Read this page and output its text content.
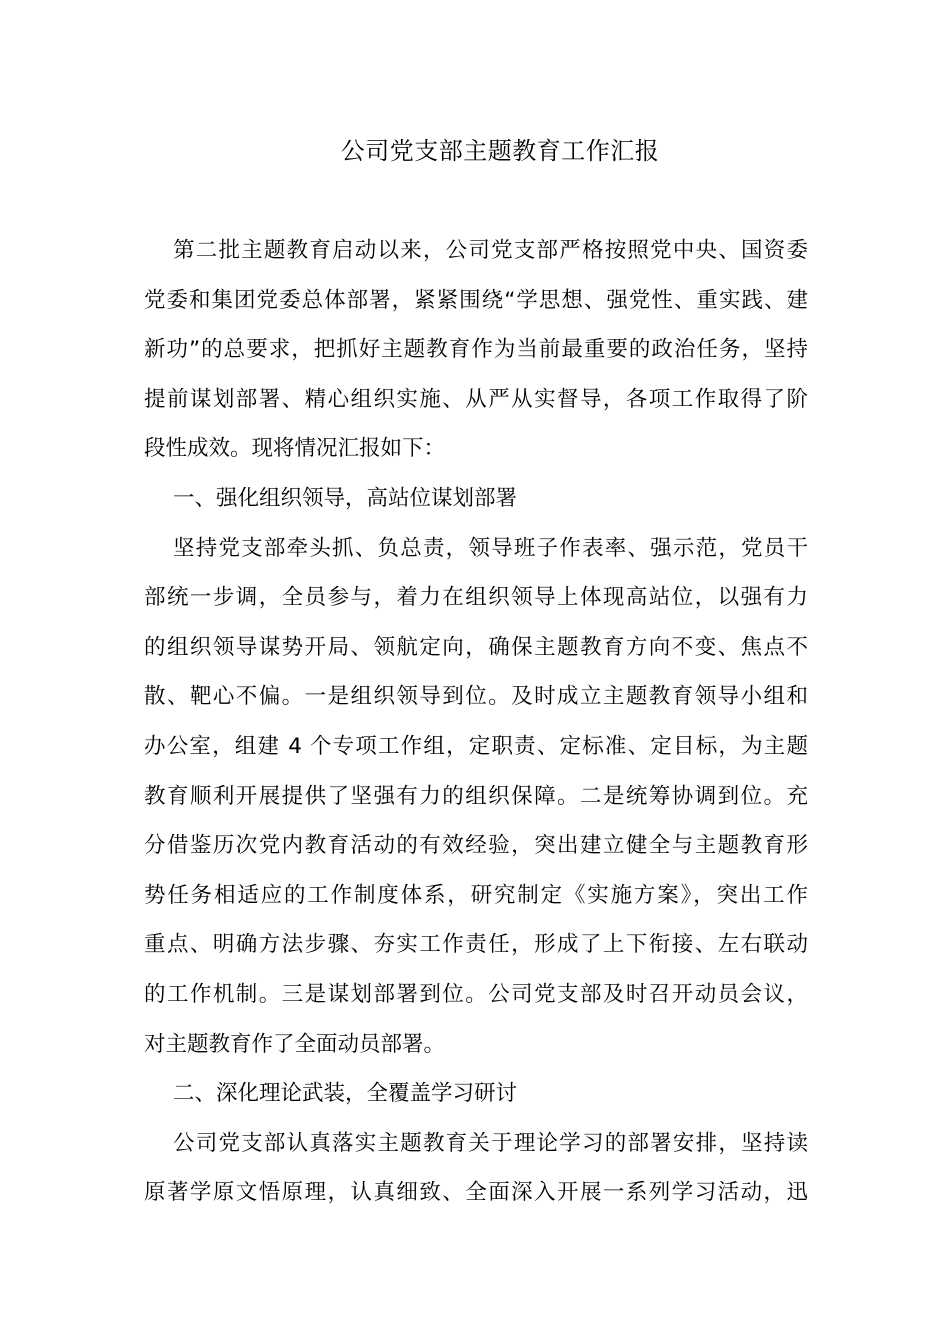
公司党支部主题教育工作汇报
第二批主题教育启动以来，公司党支部严格按照党中央、国资委
党委和集团党委总体部署，紧紧围绕“学思想、强党性、重实践、建
新功”的总要求，把抓好主题教育作为当前最重要的政治任务，坚持
提前谋划部署、精心组织实施、从严从实督导，各项工作取得了阶
段性成效。现将情况汇报如下：
一、强化组织领导，高站位谋划部署
坚持党支部牵头抓、负总责，领导班子作表率、强示范，党员干
部统一步调，全员参与，着力在组织领导上体现高站位，以强有力
的组织领导谋势开局、领航定向，确保主题教育方向不变、焦点不
散、靶心不偏。一是组织领导到位。及时成立主题教育领导小组和
办公室，组建 4 个专项工作组，定职责、定标准、定目标，为主题
教育顺利开展提供了坚强有力的组织保障。二是统筹协调到位。充
分借鉴历次党内教育活动的有效经验，突出建立健全与主题教育形
势任务相适应的工作制度体系，研究制定《实施方案》，突出工作
重点、明确方法步骤、夯实工作责任，形成了上下衔接、左右联动
的工作机制。三是谋划部署到位。公司党支部及时召开动员会议，
对主题教育作了全面动员部署。
二、深化理论武装，全覆盖学习研讨
公司党支部认真落实主题教育关于理论学习的部署安排，坚持读
原著学原文悟原理，认真细致、全面深入开展一系列学习活动，迅
